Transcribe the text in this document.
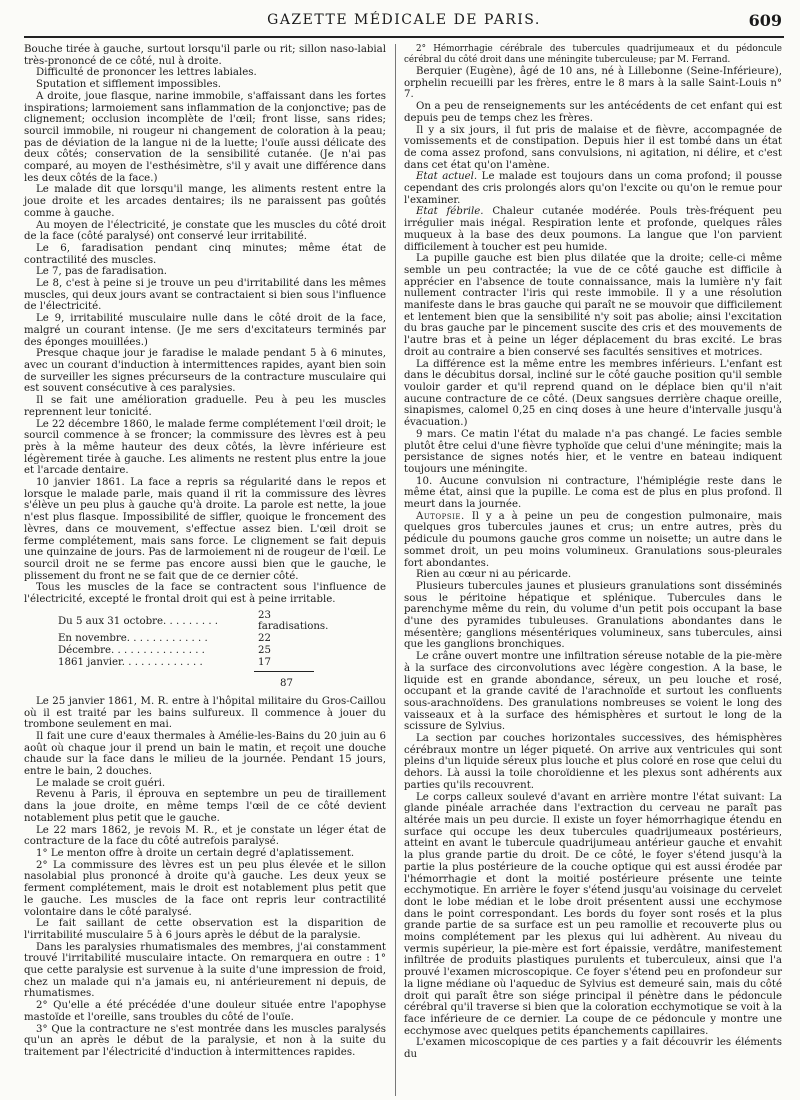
GAZETTE MÉDICALE DE PARIS.	609

Bouche tirée à gauche, surtout lorsqu'il parle ou rit; sillon naso-labial très-prononcé de ce côté, nul à droite.

Difficulté de prononcer les lettres labiales.

Sputation et sifflement impossibles.

A droite, joue flasque, narine immobile, s'affaissant dans les fortes inspirations; larmoiement sans inflammation de la conjonctive; pas de clignement; occlusion incomplète de l'œil; front lisse, sans rides; sourcil immobile, ni rougeur ni changement de coloration à la peau; pas de déviation de la langue ni de la luette; l'ouïe aussi délicate des deux côtés; conservation de la sensibilité cutanée. (Je n'ai pas comparé, au moyen de l'esthésimètre, s'il y avait une différence dans les deux côtés de la face.)

Le malade dit que lorsqu'il mange, les aliments restent entre la joue droite et les arcades dentaires; ils ne paraissent pas goûtés comme à gauche.

Au moyen de l'électricité, je constate que les muscles du côté droit de la face (côté paralysé) ont conservé leur irritabilité.

Le 6, faradisation pendant cinq minutes; même état de contractilité des muscles.

Le 7, pas de faradisation.

Le 8, c'est à peine si je trouve un peu d'irritabilité dans les mêmes muscles, qui deux jours avant se contractaient si bien sous l'influence de l'électricité.

Le 9, irritabilité musculaire nulle dans le côté droit de la face, malgré un courant intense. (Je me sers d'excitateurs terminés par des éponges mouillées.)

Presque chaque jour je faradise le malade pendant 5 à 6 minutes, avec un courant d'induction à intermittences rapides, ayant bien soin de surveiller les signes précurseurs de la contracture musculaire qui est souvent consécutive à ces paralysies.

Il se fait une amélioration graduelle. Peu à peu les muscles reprennent leur tonicité.

Le 22 décembre 1860, le malade ferme complétement l'œil droit; le sourcil commence à se froncer; la commissure des lèvres est à peu près à la même hauteur des deux côtés, la lèvre inférieure est légèrement tirée à gauche. Les aliments ne restent plus entre la joue et l'arcade dentaire.

10 janvier 1861. La face a repris sa régularité dans le repos et lorsque le malade parle, mais quand il rit la commissure des lèvres s'élève un peu plus à gauche qu'à droite. La parole est nette, la joue n'est plus flasque. Impossibilité de siffler, quoique le froncement des lèvres, dans ce mouvement, s'effectue assez bien. L'œil droit se ferme complétement, mais sans force. Le clignement se fait depuis une quinzaine de jours. Pas de larmoiement ni de rougeur de l'œil. Le sourcil droit ne se ferme pas encore aussi bien que le gauche, le plissement du front ne se fait que de ce dernier côté.

Tous les muscles de la face se contractent sous l'influence de l'électricité, excepté le frontal droit qui est à peine irritable.

Du 5 aux 31 octobre. . . . . . . . .	23 faradisations.
En novembre. . . . . . . . . . . . .	22
Décembre. . . . . . . . . . . . . . .	25
1861 janvier. . . . . . . . . . . . .	17
87

Le 25 janvier 1861, M. R. entre à l'hôpital militaire du Gros-Caillou où il est traité par les bains sulfureux. Il commence à jouer du trombone seulement en mai.

Il fait une cure d'eaux thermales à Amélie-les-Bains du 20 juin au 6 août où chaque jour il prend un bain le matin, et reçoit une douche chaude sur la face dans le milieu de la journée. Pendant 15 jours, entre le bain, 2 douches.

Le malade se croit guéri.

Revenu à Paris, il éprouva en septembre un peu de tiraillement dans la joue droite, en même temps l'œil de ce côté devient notablement plus petit que le gauche.

Le 22 mars 1862, je revois M. R., et je constate un léger état de contracture de la face du côté autrefois paralysé.

1° Le menton offre à droite un certain degré d'aplatissement.

2° La commissure des lèvres est un peu plus élevée et le sillon nasolabial plus prononcé à droite qu'à gauche. Les deux yeux se ferment complétement, mais le droit est notablement plus petit que le gauche. Les muscles de la face ont repris leur contractilité volontaire dans le côté paralysé.

Le fait saillant de cette observation est la disparition de l'irritabilité musculaire 5 à 6 jours après le début de la paralysie.

Dans les paralysies rhumatismales des membres, j'ai constamment trouvé l'irritabilité musculaire intacte. On remarquera en outre : 1° que cette paralysie est survenue à la suite d'une impression de froid, chez un malade qui n'a jamais eu, ni antérieurement ni depuis, de rhumatismes.

2° Qu'elle a été précédée d'une douleur située entre l'apophyse mastoïde et l'oreille, sans troubles du côté de l'ouïe.

3° Que la contracture ne s'est montrée dans les muscles paralysés qu'un an après le début de la paralysie, et non à la suite du traitement par l'électricité d'induction à intermittences rapides.

2° Hémorrhagie cérébrale des tubercules quadrijumeaux et du pédoncule cérébral du côté droit dans une méningite tuberculeuse; par M. Ferrand.

Berquier (Eugène), âgé de 10 ans, né à Lillebonne (Seine-Inférieure), orphelin recueilli par les frères, entre le 8 mars à la salle Saint-Louis n° 7.

On a peu de renseignements sur les antécédents de cet enfant qui est depuis peu de temps chez les frères.

Il y a six jours, il fut pris de malaise et de fièvre, accompagnée de vomissements et de constipation. Depuis hier il est tombé dans un état de coma assez profond, sans convulsions, ni agitation, ni délire, et c'est dans cet état qu'on l'amène.

Etat actuel. Le malade est toujours dans un coma profond; il pousse cependant des cris prolongés alors qu'on l'excite ou qu'on le remue pour l'examiner.

Etat fébrile. Chaleur cutanée modérée. Pouls très-fréquent peu irrégulier mais inégal. Respiration lente et profonde, quelques râles muqueux à la base des deux poumons. La langue que l'on parvient difficilement à toucher est peu humide.

La pupille gauche est bien plus dilatée que la droite; celle-ci même semble un peu contractée; la vue de ce côté gauche est difficile à apprécier en l'absence de toute connaissance, mais la lumière n'y fait nullement contracter l'iris qui reste immobile. Il y a une résolution manifeste dans le bras gauche qui paraît ne se mouvoir que difficilement et lentement bien que la sensibilité n'y soit pas abolie; ainsi l'excitation du bras gauche par le pincement suscite des cris et des mouvements de l'autre bras et à peine un léger déplacement du bras excité. Le bras droit au contraire a bien conservé ses facultés sensitives et motrices.

La différence est la même entre les membres inférieurs. L'enfant est dans le décubitus dorsal, incliné sur le côté gauche position qu'il semble vouloir garder et qu'il reprend quand on le déplace bien qu'il n'ait aucune contracture de ce côté. (Deux sangsues derrière chaque oreille, sinapismes, calomel 0,25 en cinq doses à une heure d'intervalle jusqu'à évacuation.)

9 mars. Ce matin l'état du malade n'a pas changé. Le facies semble plutôt être celui d'une fièvre typhoïde que celui d'une méningite; mais la persistance de signes notés hier, et le ventre en bateau indiquent toujours une méningite.

10. Aucune convulsion ni contracture, l'hémiplégie reste dans le même état, ainsi que la pupille. Le coma est de plus en plus profond. Il meurt dans la journée.

Autopsie. Il y a à peine un peu de congestion pulmonaire, mais quelques gros tubercules jaunes et crus; un entre autres, près du pédicule du poumons gauche gros comme un noisette; un autre dans le sommet droit, un peu moins volumineux. Granulations sous-pleurales fort abondantes.

Rien au cœur ni au péricarde.

Plusieurs tubercules jaunes et plusieurs granulations sont disséminés sous le péritoine hépatique et splénique. Tubercules dans le parenchyme même du rein, du volume d'un petit pois occupant la base d'une des pyramides tubuleuses. Granulations abondantes dans le mésentère; ganglions mésentériques volumineux, sans tubercules, ainsi que les ganglions bronchiques.

Le crâne ouvert montre une infiltration séreuse notable de la pie-mère à la surface des circonvolutions avec légère congestion. A la base, le liquide est en grande abondance, séreux, un peu louche et rosé, occupant et la grande cavité de l'arachnoïde et surtout les confluents sous-arachnoïdens. Des granulations nombreuses se voient le long des vaisseaux et à la surface des hémisphères et surtout le long de la scissure de Sylvius.

La section par couches horizontales successives, des hémisphères cérébraux montre un léger piqueté. On arrive aux ventricules qui sont pleins d'un liquide séreux plus louche et plus coloré en rose que celui du dehors. Là aussi la toile choroïdienne et les plexus sont adhérents aux parties qu'ils recouvrent.

Le corps calleux soulevé d'avant en arrière montre l'état suivant: La glande pinéale arrachée dans l'extraction du cerveau ne paraît pas altérée mais un peu durcie. Il existe un foyer hémorrhagique étendu en surface qui occupe les deux tubercules quadrijumeaux postérieurs, atteint en avant le tubercule quadrijumeau antérieur gauche et envahit la plus grande partie du droit. De ce côté, le foyer s'étend jusqu'à la partie la plus postérieure de la couche optique qui est aussi érodée par l'hémorrhagie et dont la moitié postérieure présente une teinte ecchymotique. En arrière le foyer s'étend jusqu'au voisinage du cervelet dont le lobe médian et le lobe droit présentent aussi une ecchymose dans le point correspondant. Les bords du foyer sont rosés et la plus grande partie de sa surface est un peu ramollie et recouverte plus ou moins complétement par les plexus qui lui adhèrent. Au niveau du vermis supérieur, la pie-mère est fort épaissie, verdâtre, manifestement infiltrée de produits plastiques purulents et tuberculeux, ainsi que l'a prouvé l'examen microscopique. Ce foyer s'étend peu en profondeur sur la ligne médiane où l'aqueduc de Sylvius est demeuré sain, mais du côté droit qui paraît être son siége principal il pénètre dans le pédoncule cérébral qu'il traverse si bien que la coloration ecchymotique se voit à la face inférieure de ce dernier. La coupe de ce pédoncule y montre une ecchymose avec quelques petits épanchements capillaires.

L'examen micoscopique de ces parties y a fait découvrir les éléments du
